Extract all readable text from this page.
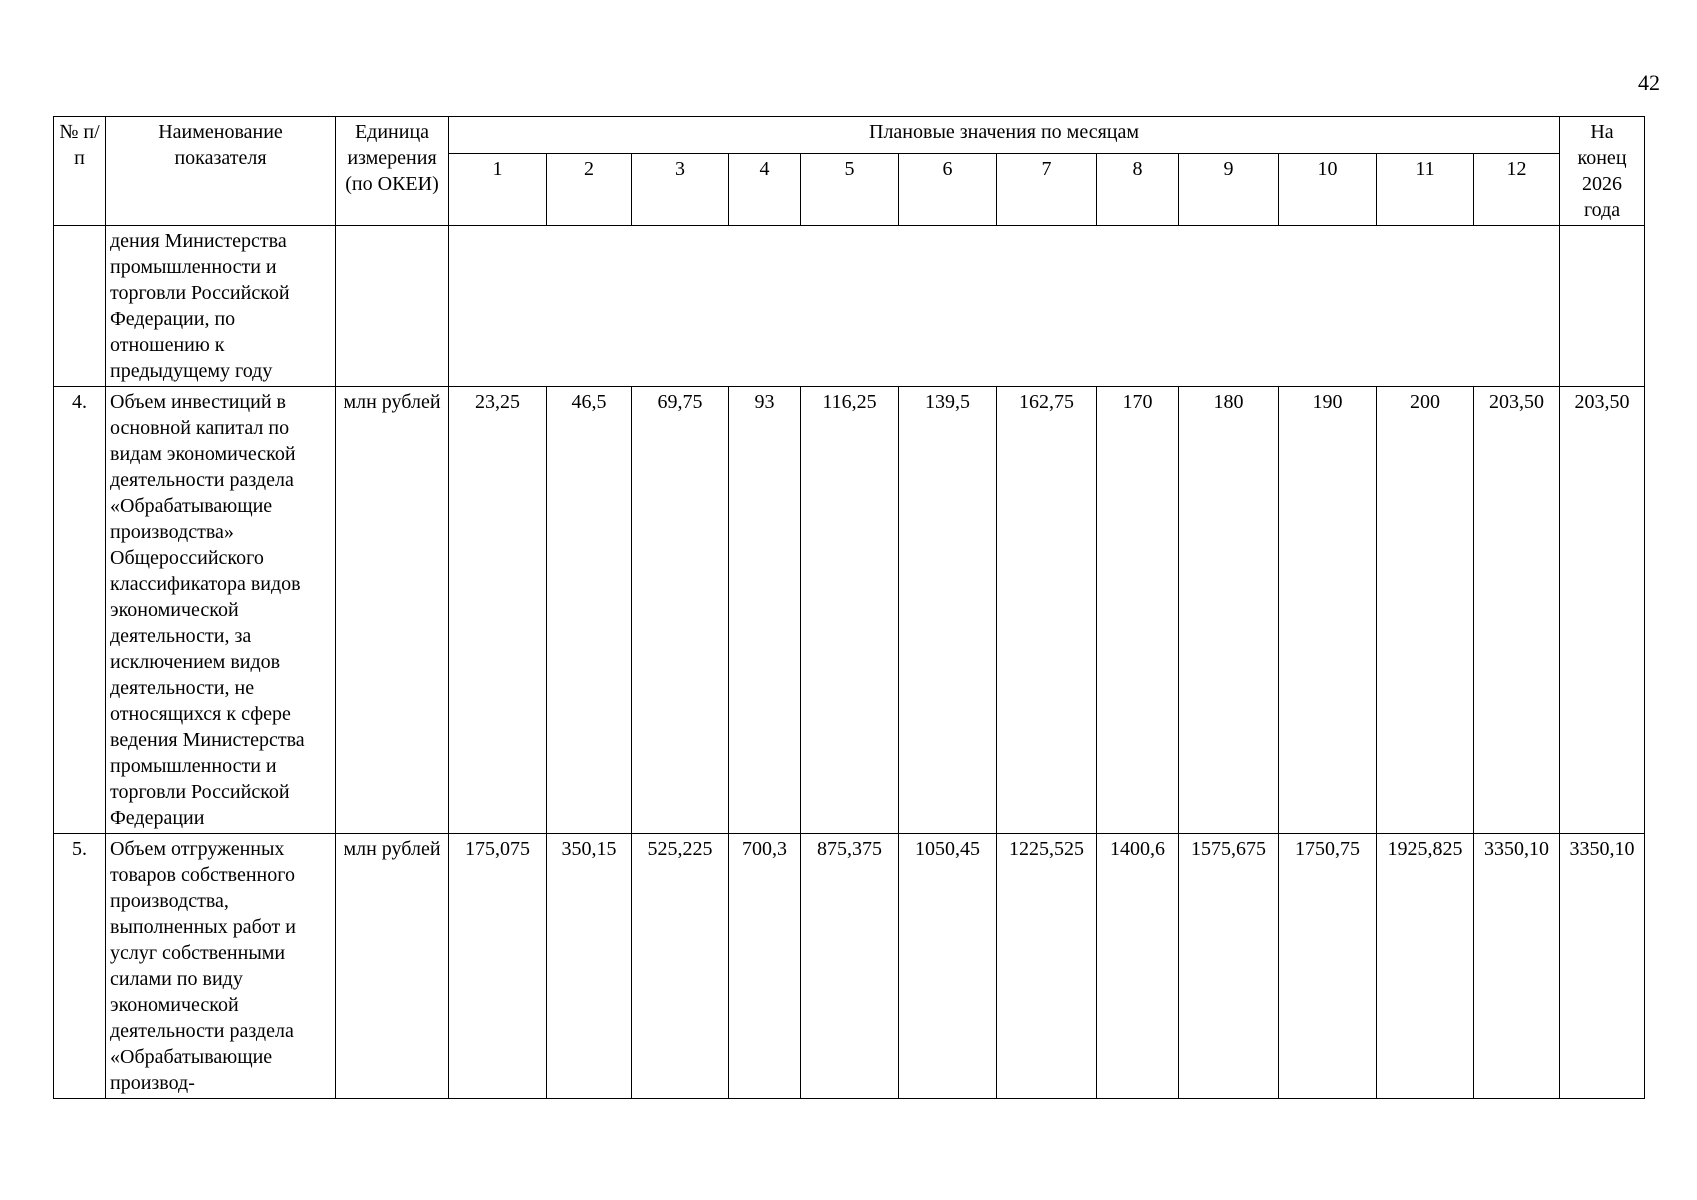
42
№ п/п	Наименование показателя	Единица измерения (по ОКЕИ)	Плановые значения по месяцам												На конец 2026 года
			1	2	3	4	5	6	7	8	9	10	11	12	
	дения Министерства промышленности и торговли Российской Федерации, по отношению к предыдущему году														
4.	Объем инвестиций в основной капитал по видам экономической деятельности раздела «Обрабатывающие производства» Общероссийского классификатора видов экономической деятельности, за исключением видов деятельности, не относящихся к сфере ведения Министерства промышленности и торговли Российской Федерации	млн рублей	23,25	46,5	69,75	93	116,25	139,5	162,75	170	180	190	200	203,50	203,50
5.	Объем отгруженных товаров собственного производства, выполненных работ и услуг собственными силами по виду экономической деятельности раздела «Обрабатывающие производ-	млн рублей	175,075	350,15	525,225	700,3	875,375	1050,45	1225,525	1400,6	1575,675	1750,75	1925,825	3350,10	3350,10
